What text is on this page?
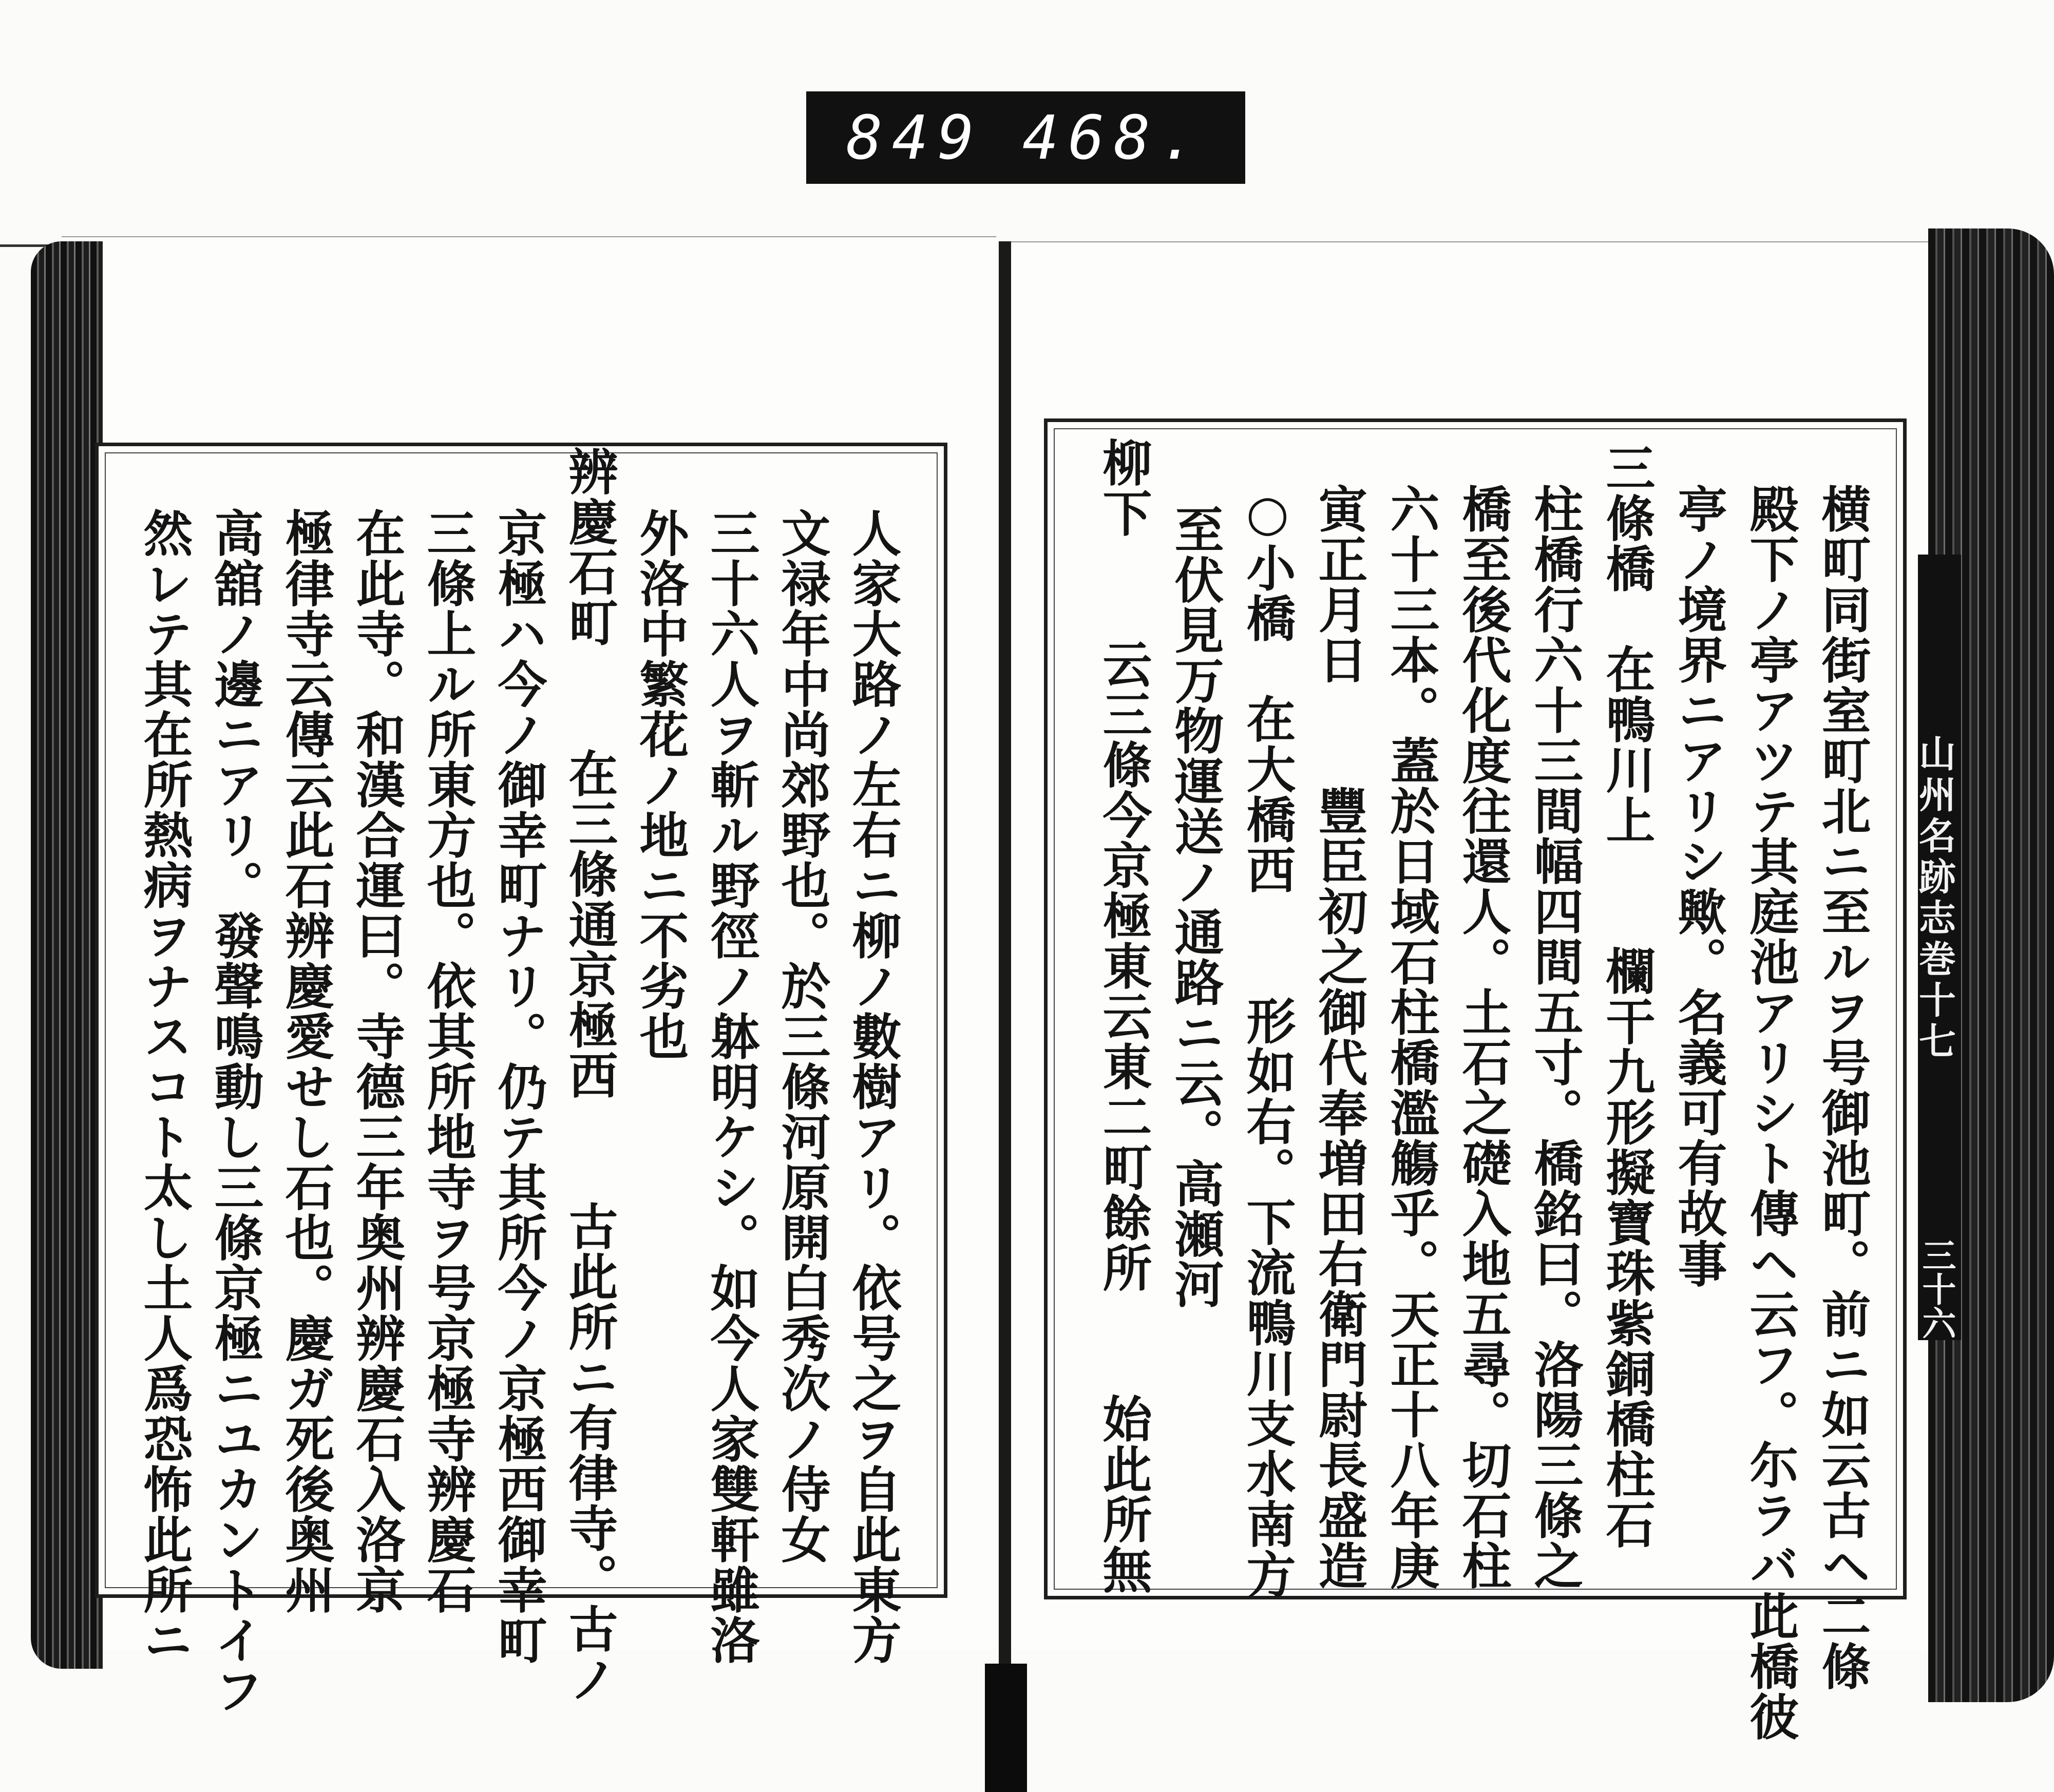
849 468.
人家大路ノ左右ニ柳ノ數樹アリ。依号之ヲ自此東方
文禄年中尚郊野也。於三條河原開白秀次ノ侍女
三十六人ヲ斬ル野徑ノ躰明ケシ。如今人家雙軒雖洛
外洛中繁花ノ地ニ不劣也
辨慶石町　　在三條通京極西　　古此所ニ有律寺。古ノ
京極ハ今ノ御幸町ナリ。仍テ其所今ノ京極西御幸町
三條上ル所東方也。依其所地寺ヲ号京極寺辨慶石
在此寺。和漢合運曰。寺德三年奥州辨慶石入洛京
極律寺云傳云此石辨慶愛せし石也。慶ガ死後奥州
高舘ノ邊ニアリ。發聲鳴動し三條京極ニユカントイフ
然レテ其在所熱病ヲナスコト太し土人爲恐怖此所ニ	横町同街室町北ニ至ルヲ号御池町。前ニ如云古ヘ二條
殿下ノ亭アツテ其庭池アリシト傳ヘ云フ。尓ラバ此橋彼
亭ノ境界ニアリシ歟。名義可有故事
三條橋　在鴨川上　　欄干九形擬寶珠紫銅橋柱石
柱橋行六十三間幅四間五寸。橋銘曰。洛陽三條之
橋至後代化度往還人。土石之礎入地五尋。切石柱
六十三本。蓋於日域石柱橋濫觴乎。天正十八年庚
寅正月日　　豐臣初之御代奉増田右衛門尉長盛造
○小橋　在大橋西　　形如右。下流鴨川支水南方
至伏見万物運送ノ通路ニ云。高瀬河
柳下　　云三條今京極東云東二町餘所　　始此所無	山州名跡志巻十七
三十六
